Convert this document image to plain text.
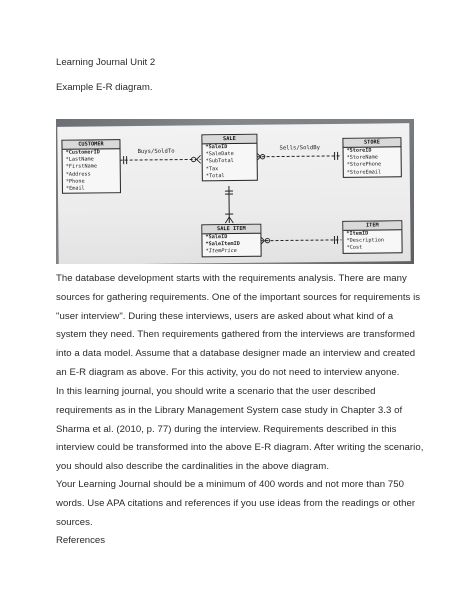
Learning Journal Unit 2

Example E-R diagram.

CUSTOMER
*CustomerID
*LastName
*FirstName
*Address
*Phone
*Email
SALE
*SaleID
*SaleDate
*SubTotal
*Tax
*Total
STORE
*StoreID
*StoreName
*StorePhone
*StoreEmail
SALE ITEM
*SaleID
*SaleItemID
*ItemPrice
ITEM
*ItemID
*Description
*Cost
Buys/SoldTo
Sells/SoldBy

The database development starts with the requirements analysis. There are many sources for gathering requirements. One of the important sources for requirements is "user interview". During these interviews, users are asked about what kind of a system they need. Then requirements gathered from the interviews are transformed into a data model. Assume that a database designer made an interview and created an E-R diagram as above. For this activity, you do not need to interview anyone.

In this learning journal, you should write a scenario that the user described requirements as in the Library Management System case study in Chapter 3.3 of Sharma et al. (2010, p. 77) during the interview. Requirements described in this interview could be transformed into the above E-R diagram. After writing the scenario, you should also describe the cardinalities in the above diagram.

Your Learning Journal should be a minimum of 400 words and not more than 750 words. Use APA citations and references if you use ideas from the readings or other sources.

References
